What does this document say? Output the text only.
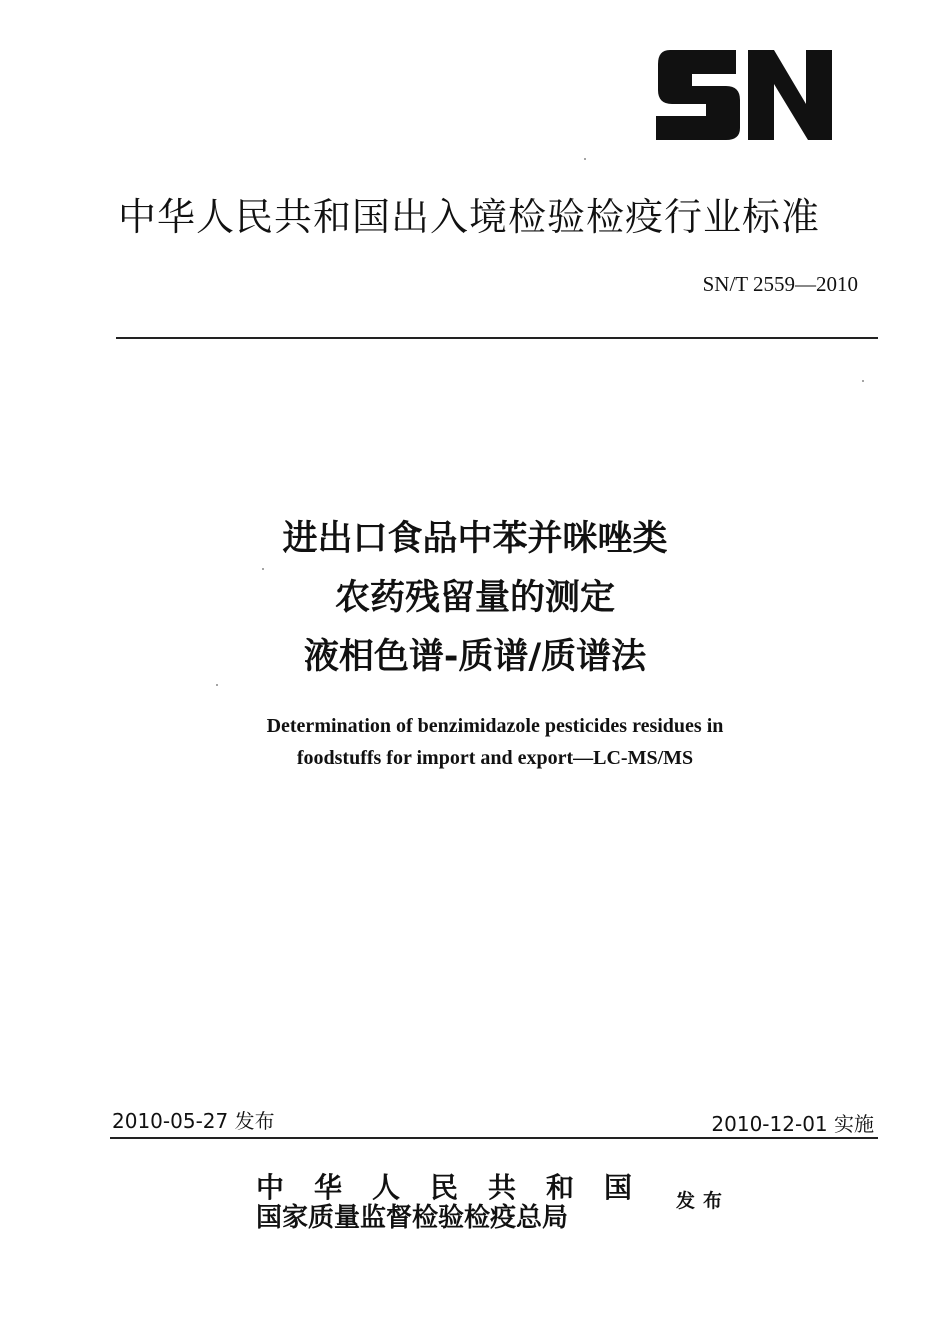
中华人民共和国出入境检验检疫行业标准
SN/T 2559—2010
进出口食品中苯并咪唑类
农药残留量的测定
液相色谱-质谱/质谱法
Determination of benzimidazole pesticides residues in
foodstuffs for import and export—LC-MS/MS
2010-05-27 发布	2010-12-01 实施
中华人民共和国
国家质量监督检验检疫总局
发布
